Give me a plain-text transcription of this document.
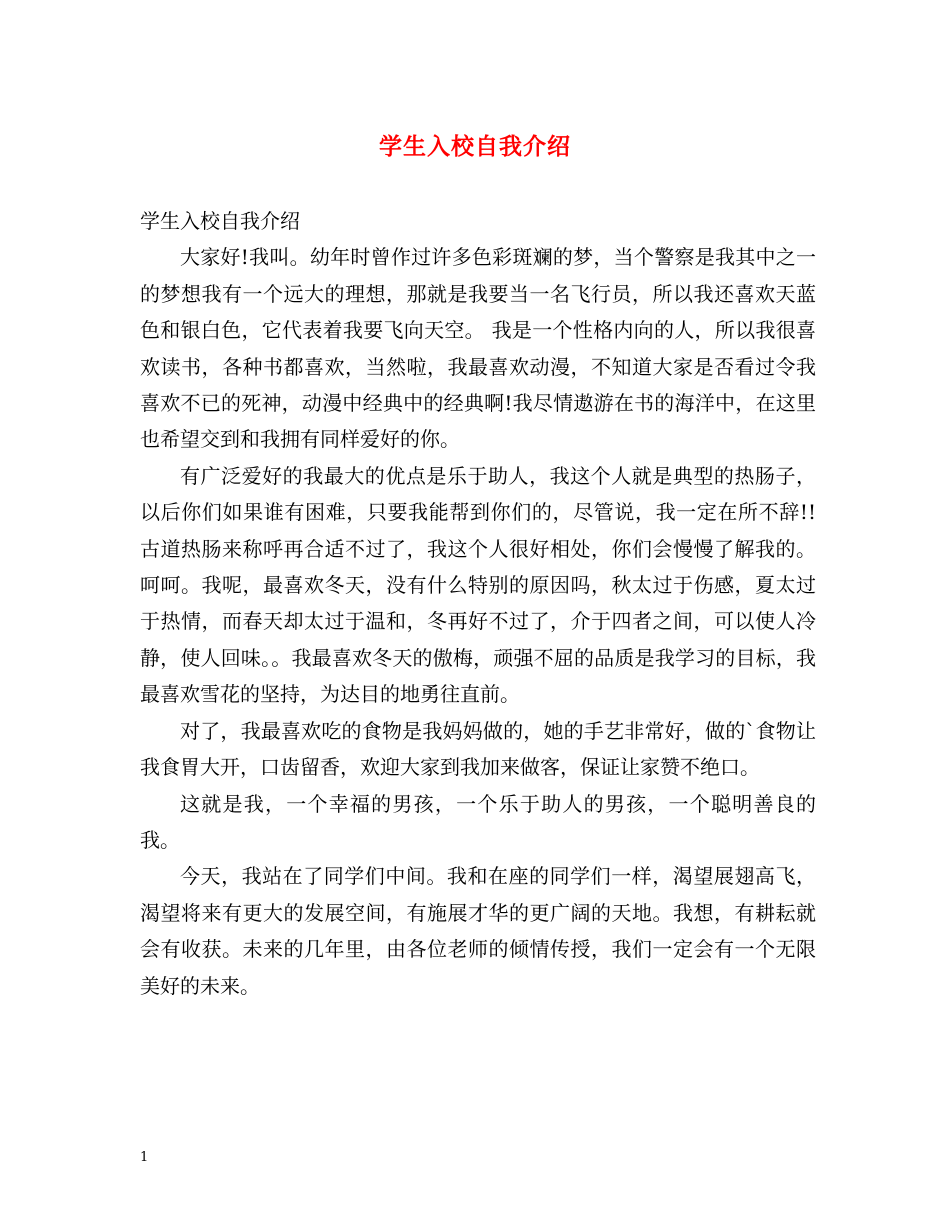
学生入校自我介绍

学生入校自我介绍

大家好!我叫。幼年时曾作过许多色彩斑斓的梦，当个警察是我其中之一的梦想我有一个远大的理想，那就是我要当一名飞行员，所以我还喜欢天蓝色和银白色，它代表着我要飞向天空。 我是一个性格内向的人，所以我很喜欢读书，各种书都喜欢，当然啦，我最喜欢动漫，不知道大家是否看过令我喜欢不已的死神，动漫中经典中的经典啊!我尽情遨游在书的海洋中，在这里也希望交到和我拥有同样爱好的你。

有广泛爱好的我最大的优点是乐于助人，我这个人就是典型的热肠子，以后你们如果谁有困难，只要我能帮到你们的，尽管说，我一定在所不辞!!古道热肠来称呼再合适不过了，我这个人很好相处，你们会慢慢了解我的。呵呵。我呢，最喜欢冬天，没有什么特别的原因吗，秋太过于伤感，夏太过于热情，而春天却太过于温和，冬再好不过了，介于四者之间，可以使人冷静，使人回味。。我最喜欢冬天的傲梅，顽强不屈的品质是我学习的目标，我最喜欢雪花的坚持，为达目的地勇往直前。

对了，我最喜欢吃的食物是我妈妈做的，她的手艺非常好，做的`食物让我食胃大开，口齿留香，欢迎大家到我加来做客，保证让家赞不绝口。

这就是我，一个幸福的男孩，一个乐于助人的男孩，一个聪明善良的我。

今天，我站在了同学们中间。我和在座的同学们一样，渴望展翅高飞，渴望将来有更大的发展空间，有施展才华的更广阔的天地。我想，有耕耘就会有收获。未来的几年里，由各位老师的倾情传授，我们一定会有一个无限美好的未来。

1
